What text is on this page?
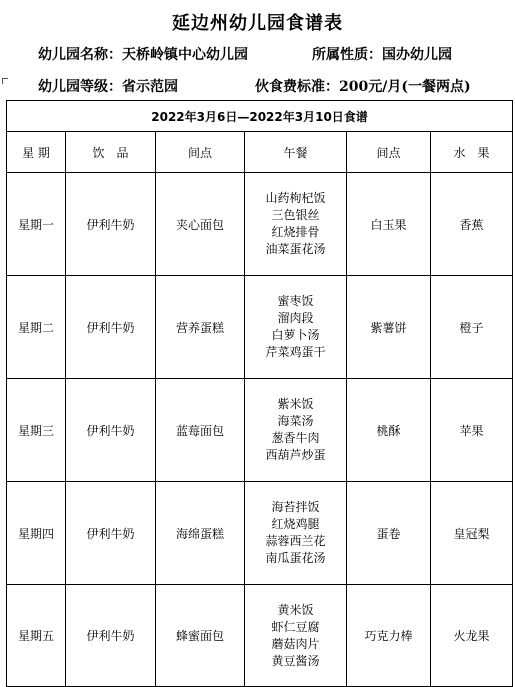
延边州幼儿园食谱表
幼儿园名称：天桥岭镇中心幼儿园	所属性质：国办幼儿园
幼儿园等级：省示范园	伙食费标准：200元/月(一餐两点)
2022年3月6日—2022年3月10日食谱					
星 期	饮　品	间点	午餐	间点	水　果
星期一	伊利牛奶	夹心面包	山药枸杞饭
三色银丝
红烧排骨
油菜蛋花汤	白玉果	香蕉
星期二	伊利牛奶	营养蛋糕	蜜枣饭
溜肉段
白萝卜汤
芹菜鸡蛋干	紫薯饼	橙子
星期三	伊利牛奶	蓝莓面包	紫米饭
海菜汤
葱香牛肉
西葫芦炒蛋	桃酥	苹果
星期四	伊利牛奶	海绵蛋糕	海苔拌饭
红烧鸡腿
蒜蓉西兰花
南瓜蛋花汤	蛋卷	皇冠梨
星期五	伊利牛奶	蜂蜜面包	黄米饭
虾仁豆腐
蘑菇肉片
黄豆酱汤	巧克力棒	火龙果
